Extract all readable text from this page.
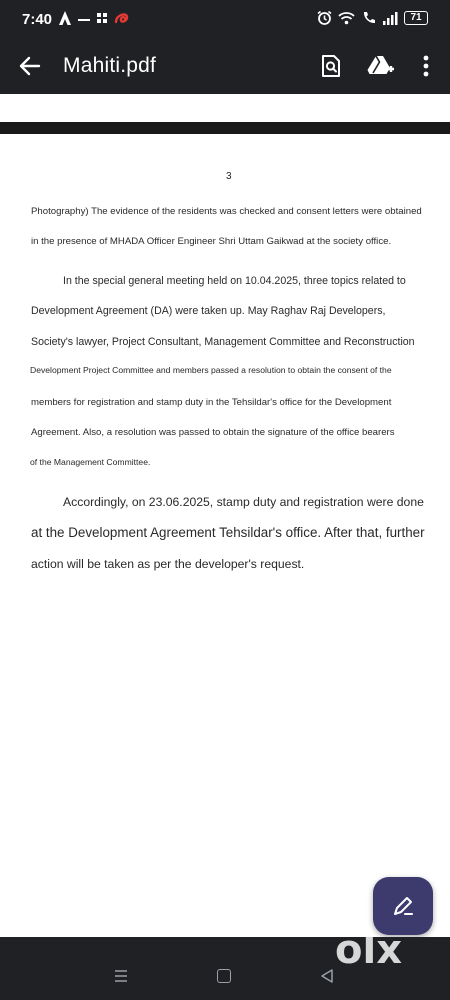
7:40	71
Mahiti.pdf
3
Photography) The evidence of the residents was checked and consent letters were obtained
in the presence of MHADA Officer Engineer Shri Uttam Gaikwad at the society office.
In the special general meeting held on 10.04.2025, three topics related to
Development Agreement (DA) were taken up. May Raghav Raj Developers,
Society's lawyer, Project Consultant, Management Committee and Reconstruction
Development Project Committee and members passed a resolution to obtain the consent of the
members for registration and stamp duty in the Tehsildar's office for the Development
Agreement. Also, a resolution was passed to obtain the signature of the office bearers
of the Management Committee.
Accordingly, on 23.06.2025, stamp duty and registration were done
at the Development Agreement Tehsildar's office. After that, further
action will be taken as per the developer's request.
olx
